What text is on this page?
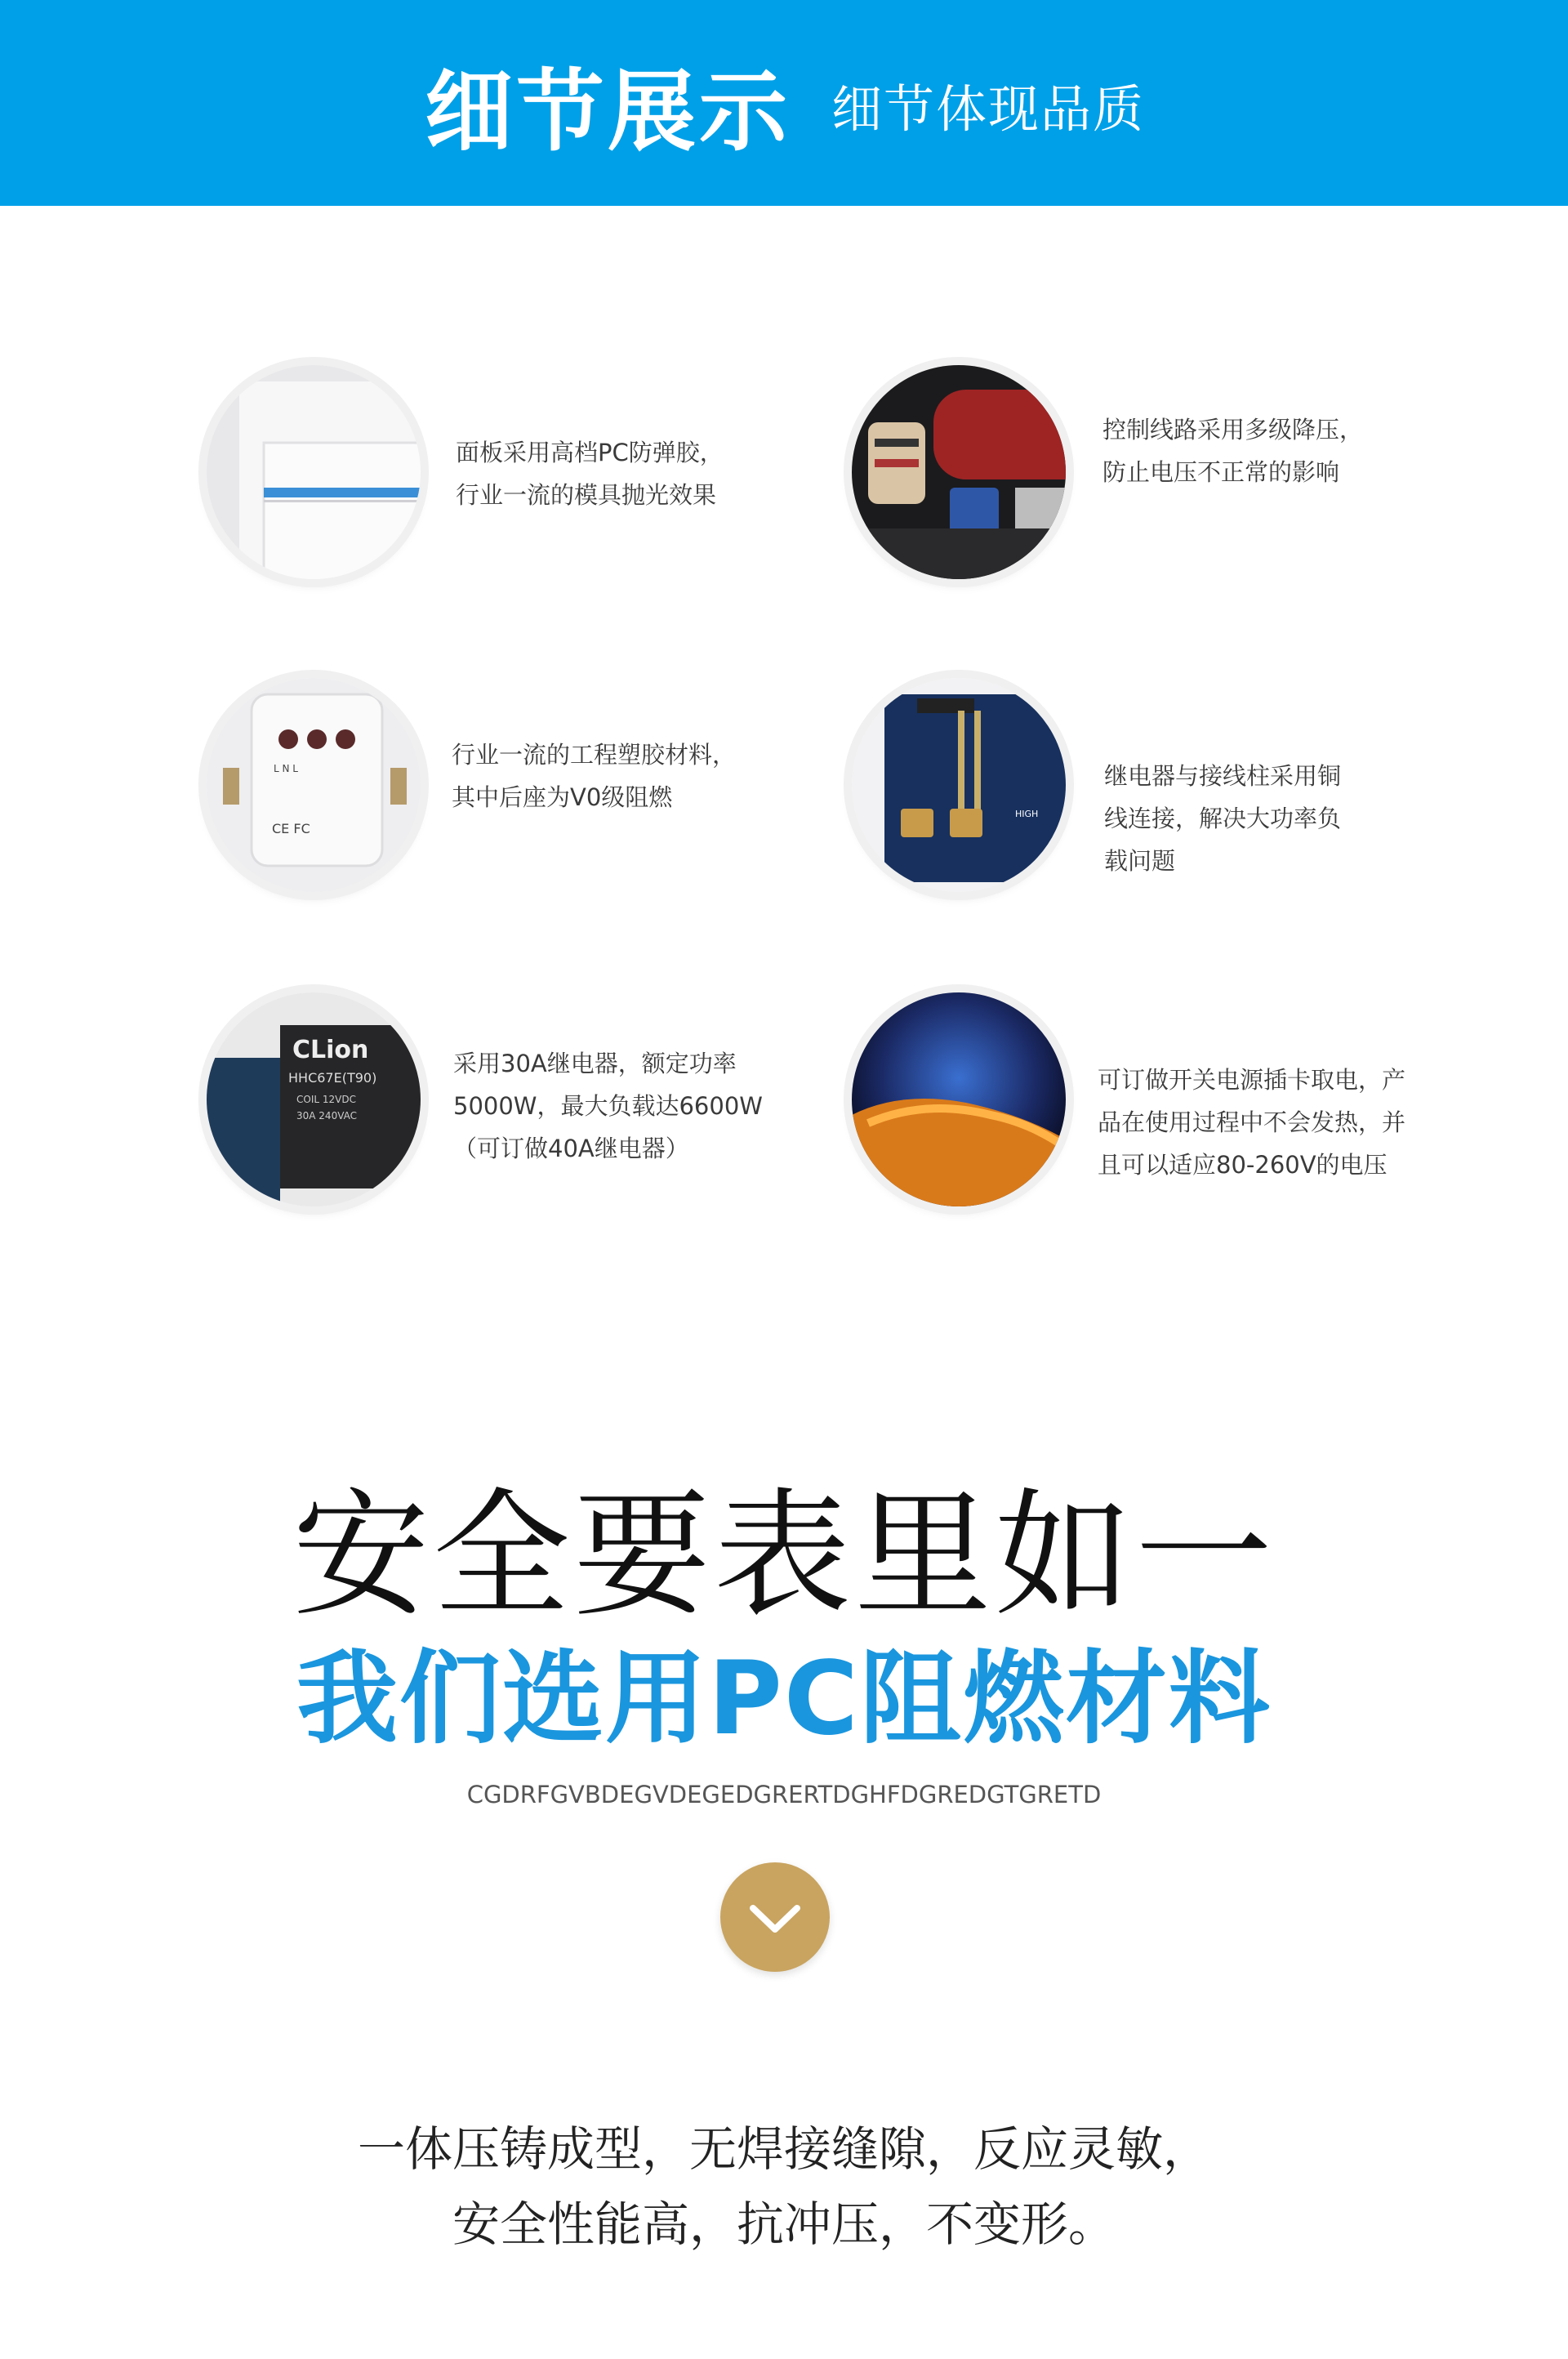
细节展示 细节体现品质
面板采用高档PC防弹胶，
行业一流的模具抛光效果
控制线路采用多级降压，
防止电压不正常的影响
L N L
CE FC
行业一流的工程塑胶材料，
其中后座为V0级阻燃
HIGH
继电器与接线柱采用铜
线连接，解决大功率负
载问题
CLion
HHC67E(T90)
COIL 12VDC
30A 240VAC
采用30A继电器，额定功率
5000W，最大负载达6600W
（可订做40A继电器）
可订做开关电源插卡取电，产
品在使用过程中不会发热，并
且可以适应80-260V的电压
安全要表里如一
我们选用PC阻燃材料
CGDRFGVBDEGVDEGEDGRERTDGHFDGREDGTGRETD
一体压铸成型，无焊接缝隙，反应灵敏，
安全性能高，抗冲压，不变形。
